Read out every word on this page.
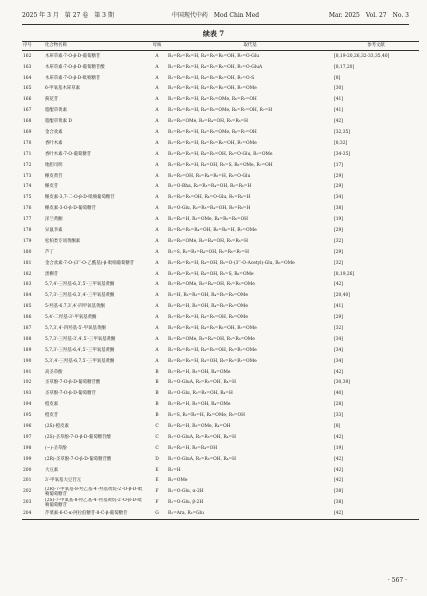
2025 年 3 月　第 27 卷　第 3 期	中国现代中药　Mod Chin Med	Mar. 2025　Vol. 27　No. 3
续表 7
序号	化合物名称	母核	取代基	参考文献
162	木犀草素-7-O-β-D-葡萄糖苷	A	R₁=R₂=R₃=H, R₄=R₅=R₆=OH, R₇=O-Glu	[8,19-20,26,32-33,35,40]
163	木犀草素-7-O-β-D-葡萄糖苷酸	A	R₁=R₂=R₃=H, R₄=R₅=R₆=OH, R₇=O-GluA	[8,17,20]
164	木犀草素-7-O-β-D-吡喃糖苷	A	R₁=R₂=R₃=H, R₄=R₅=R₆=OH, R₇=O-S	[8]
165	6-甲氧基木犀草素	A	R₁=R₂=R₃=H, R₄=R₅=R₆=OH, R₇=OMe	[30]
166	蓟花苷	A	R₁=R₂=R₃=H, R₄=R₅=OMe, R₆=R₇=OH	[41]
167	脂醌草黄素	A	R₁=R₂=R₃=H, R₄=R₅=OMe, R₆=R₇=OH, R₇=H	[41]
168	脂醌草黄素 D	A	R₁=R₂=OMe, R₃=R₄=OH, R₅=R₆=H	[42]
169	金合欢素	A	R₁=R₂=R₃=H, R₄=R₅=OMe, R₆=R₇=OH	[32,35]
170	香叶木素	A	R₁=R₂=R₃=H, R₄=R₅=R₆=OH, R₇=OMe	[8,32]
171	香叶木素-7-O-葡萄糖苷	A	R₁=R₂=R₃=H, R₄=R₅=OH, R₆=O-Glu, R₇=OMe	[34-35]
172	地胆司明	A	R₁=R₂=R₃=H, R₄=OH, R₅=S, R₆=OMe, R₇=OH	[17]
173	槲皮黄苷	A	R₁=R₂=OH, R₃=R₄=R₅=H, R₆=O-Glu	[29]
174	槲皮苷	A	R₁=O-Rha, R₂=R₃=R₄=OH, R₅=R₆=H	[29]
175	槲皮素-3,7-二-O-β-D-吡喃葡萄糖苷	A	R₁=R₂=R₃=OH, R₄=O-Glu, R₅=R₆=H	[34]
176	槲皮素-3-O-β-D-葡萄糖苷	A	R₁=O-Glu, R₂=R₃=R₄=OH, R₅=R₆=H	[38]
177	泽兰黄酮	A	R₁=R₂=H, R₃=OMe, R₄=R₅=R₆=OH	[19]
178	异鼠李素	A	R₁=R₂=R₃=R₄=OH, R₅=R₆=H, R₇=OMe	[29]
179	松柏类专项黄酮素	A	R₁=R₂=OMe, R₃=R₄=OH, R₅=R₆=H	[32]
180	芦丁	A	R₁=S, R₂=R₃=R₄=OH, R₅=R₆=R₇=H	[29]
181	金合欢素-7-O-(3″′-O-乙酰基)-β-吡喃葡萄糖苷	A	R₁=R₂=R₃=H, R₄=OH, R₅=O-(3″′-O-Acetyl)-Glu, R₆=OMe	[32]
182	黑槲苷	A	R₁=R₂=R₃=H, R₄=OH, R₅=S, R₆=OMe	[8,19,26]
183	5,7,4′-三羟基-6,3′,5′-三甲氧基黄酮	A	R₁=R₂=OMe, R₃=R₄=OH, R₅=R₆=OMe	[42]
184	5,7,3′-三羟基-6,3′,4′-三甲氧基黄酮	A	R₁=H, R₂=R₃=OH, R₄=R₅=R₆=OMe	[20,40]
185	5-羟基-6,7,3′,4′-四甲氧基黄酮	A	R₁=R₂=H, R₃=OH, R₄=R₅=R₆=OMe	[41]
186	5,4′-二羟基-3′-甲氧基黄酮	A	R₁=R₂=R₃=H, R₄=R₅=OH, R₆=OMe	[29]
187	5,7,3′,4′-四羟基-5′-甲氧基黄酮	A	R₁=R₂=R₃=H, R₄=R₅=R₆=OH, R₇=OMe	[32]
188	5,7,3′-三羟基-3′,4′,5′-三甲氧基黄酮	A	R₁=R₂=OMe, R₃=R₄=OH, R₅=R₆=OMe	[34]
189	5,7,3′-三羟基-6,4′,5′-三甲氧基黄酮	A	R₁=R₂=R₃=H, R₄=R₅=OH, R₆=R₇=OMe	[34]
190	5,3′,4′-三羟基-6,7,5′-三甲氧基黄酮	A	R₁=R₂=R₃=H, R₄=OH, R₅=R₆=R₇=OMe	[34]
191	高圣草酚	B	R₁=R₂=H, R₃=OH, R₄=OMe	[42]
192	圣草酚-7-O-β-D-葡萄糖苷酸	B	R₁=O-GluA, R₂=R₃=OH, R₄=H	[30,39]
193	圣草酚-7-O-β-D-葡萄糖苷	B	R₁=O-Glu, R₂=R₃=OH, R₄=H	[40]
194	橙皮素	B	R₁=R₂=H, R₃=OH, R₄=OMe	[28]
195	橙皮苷	B	R₁=S, R₂=R₃=H, R₄=OMe, R₅=OH	[33]
196	(2S)-橙皮素	C	R₁=R₂=H, R₃=OMe, R₄=OH	[8]
197	(2S)-圣草酚-7-O-β-D-葡萄糖苷酸	C	R₁=O-GluA, R₂=R₃=OH, R₄=H	[42]
198	(−)-圣草酚	C	R₁=R₂=H, R₃=R₄=OH	[19]
199	(2R)-圣草酚-7-O-β-D-葡萄糖苷酸	D	R₁=O-GluA, R₂=R₃=OH, R₄=H	[42]
200	大豆素	E	R₁=H	[42]
201	3′-甲氧基大豆苷元	E	R₁=OMe	[42]
202	(2R)-7-甲氧基-8-羟乙基-4′-羟基黄烷-2′-O-β-D-吡喃葡萄糖苷	F	R₁=O-Glu, α-2H	[38]
203	(2S)-7-甲氧基-8-羟乙基-4′-羟基黄烷-2′-O-β-D-吡喃葡萄糖苷	F	R₁=O-Glu, β-2H	[38]
204	芹菜素-6-C-α-阿拉伯糖苷-8-C-β-葡萄糖苷	G	R₁=Ara, R₂=Glu	[42]
· 567 ·
